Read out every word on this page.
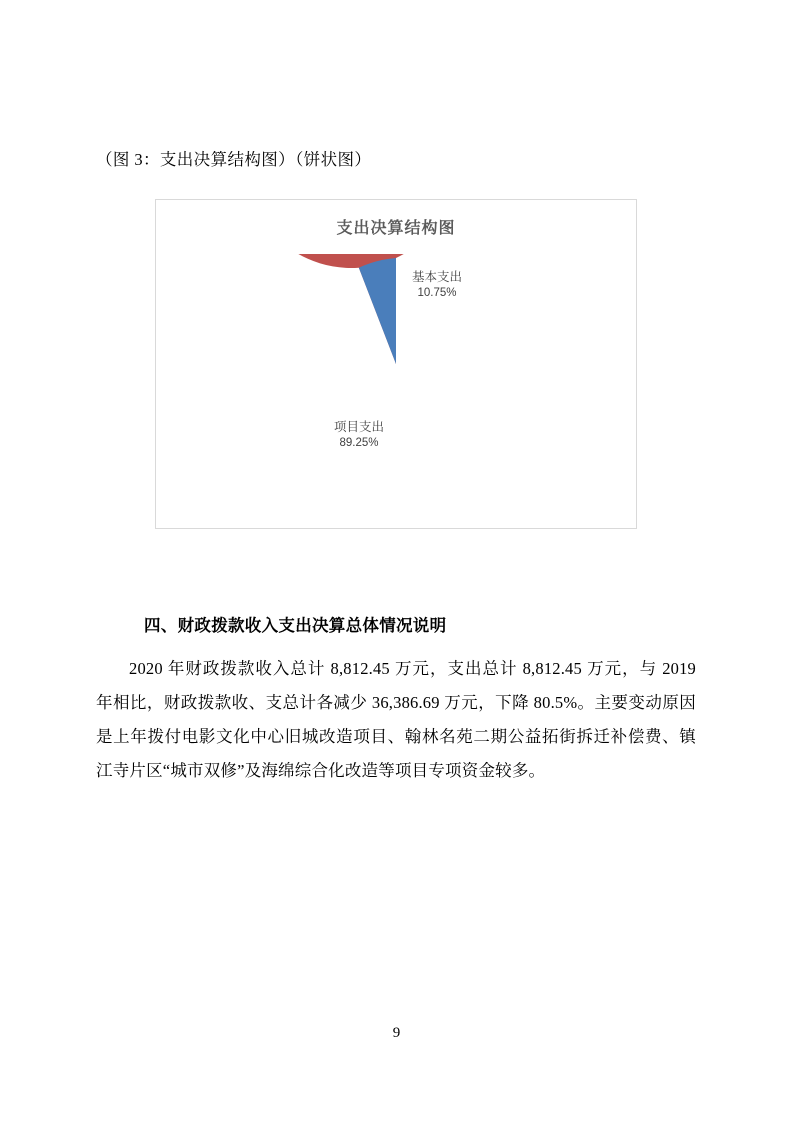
（图 3：支出决算结构图）（饼状图）
支出决算结构图
基本支出
10.75%
项目支出
89.25%
四、财政拨款收入支出决算总体情况说明
2020 年财政拨款收入总计 8,812.45 万元，支出总计 8,812.45 万元，与 2019 年相比，财政拨款收、支总计各减少 36,386.69 万元，下降 80.5%。主要变动原因是上年拨付电影文化中心旧城改造项目、翰林名苑二期公益拓街拆迁补偿费、镇江寺片区“城市双修”及海绵综合化改造等项目专项资金较多。
9
